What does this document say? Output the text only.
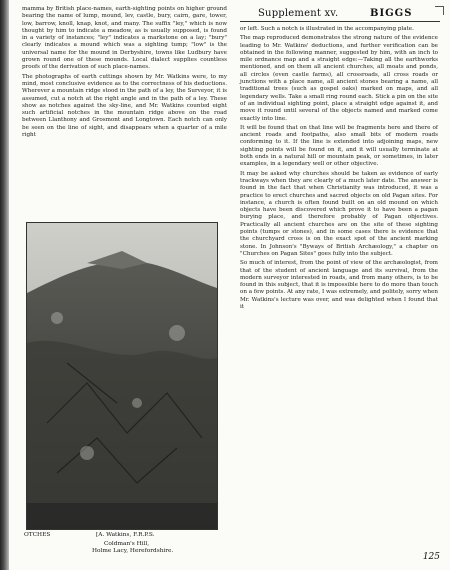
Supplement xv.	BIGGS

mamma by British place-names, earth-sighting points on higher ground bearing the name of lump, mound, lev, castle, bury, cairn, gare, tower, low, barrow, knoll, knap, knot, and many. The suffix "ley," which is now thought by him to indicate a meadow, as is usually supposed, is found in a variety of instances; "ley" indicates a markstone on a lay; "bury" clearly indicates a mound which was a sighting tump; "low" is the universal name for the mound in Derbyshire, towns like Ludbury have grown round one of these mounds. Local dialect supplies countless proofs of the derivation of such place-names.

The photographs of earth cuttings shown by Mr. Watkins were, to my mind, most conclusive evidence as to the correctness of his deductions. Wherever a mountain ridge stood in the path of a ley, the Surveyor, it is assumed, cut a notch at the right angle and in the path of a ley. These show as notches against the sky-line, and Mr. Watkins counted eight such artificial notches in the mountain ridge above on the road between Llanthony and Grosmont and Longtown. Each notch can only be seen on the line of sight, and disappears when a quarter of a mile right

OTCHES	[A. Watkins, F.R.P.S.
Coldman's Hill,
Holme Lacy, Herefordshire.

or left. Such a notch is illustrated in the accompanying plate.

The map reproduced demonstrates the strong nature of the evidence leading to Mr. Watkins' deductions, and further verification can be obtained in the following manner, suggested by him, with an inch to mile ordnance map and a straight edge:—Taking all the earthworks mentioned, and on them all ancient churches, all moats and ponds, all circles (even castle farms), all crossroads, all cross roads or junctions with a place name, all ancient stones bearing a name, all traditional trees (such as gospel oaks) marked on maps, and all legendary wells. Take a small ring round each. Stick a pin on the site of an individual sighting point, place a straight edge against it, and move it round until several of the objects named and marked come exactly into line.

It will be found that on that line will be fragments here and there of ancient roads and footpaths, also small bits of modern roads conforming to it. If the line is extended into adjoining maps, new sighting points will be found on it, and it will usually terminate at both ends in a natural hill or mountain peak, or sometimes, in later examples, in a legendary well or other objective.

It may be asked why churches should be taken as evidence of early trackways when they are clearly of a much later date. The answer is found in the fact that when Christianity was introduced, it was a practice to erect churches and sacred objects on old Pagan sites. For instance, a church is often found built on an old mound on which objects have been discovered which prove it to have been a pagan burying place, and therefore probably of Pagan objectives. Practically all ancient churches are on the site of these sighting points (tumps or stones), and in some cases there is evidence that the churchyard cross is on the exact spot of the ancient marking stone. In Johnson's "Byways of British Archæology," a chapter on "Churches on Pagan Sites" goes fully into the subject.

So much of interest, from the point of view of the archæologist, from that of the student of ancient language and its survival, from the modern surveyor interested in roads, and from many others, is to be found in this subject, that it is impossible here to do more than touch on a few points. At any rate, I was extremely, and politely, sorry when Mr. Watkins's lecture was over, and was delighted when I found that it

125
